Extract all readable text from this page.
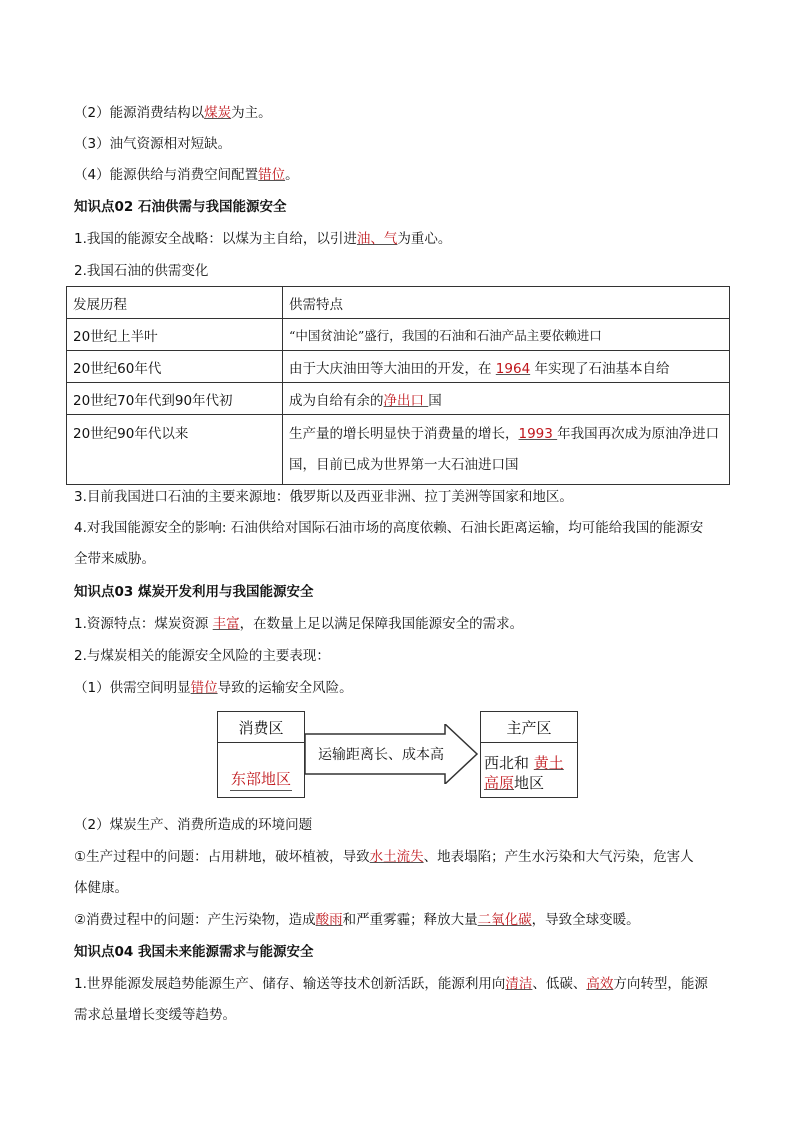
（2）能源消费结构以煤炭为主。
（3）油气资源相对短缺。
（4）能源供给与消费空间配置错位。
知识点02 石油供需与我国能源安全
1.我国的能源安全战略：以煤为主自给，以引进油、气为重心。
2.我国石油的供需变化
发展历程	供需特点
20世纪上半叶	“中国贫油论”盛行，我国的石油和石油产品主要依赖进口
20世纪60年代	由于大庆油田等大油田的开发，在 1964 年实现了石油基本自给
20世纪70年代到90年代初	成为自给有余的净出口 国
20世纪90年代以来	生产量的增长明显快于消费量的增长，1993 年我国再次成为原油净进口国，目前已成为世界第一大石油进口国
3.目前我国进口石油的主要来源地：俄罗斯以及西亚非洲、拉丁美洲等国家和地区。
4.对我国能源安全的影响: 石油供给对国际石油市场的高度依赖、石油长距离运输，均可能给我国的能源安
全带来威胁。
知识点03 煤炭开发利用与我国能源安全
1.资源特点：煤炭资源 丰富，在数量上足以满足保障我国能源安全的需求。
2.与煤炭相关的能源安全风险的主要表现：
（1）供需空间明显错位导致的运输安全风险。
消费区
东部地区
运输距离长、成本高
主产区
西北和 黄土
高原地区
（2）煤炭生产、消费所造成的环境问题
①生产过程中的问题：占用耕地，破坏植被，导致水土流失、地表塌陷；产生水污染和大气污染，危害人
体健康。
②消费过程中的问题：产生污染物，造成酸雨和严重雾霾；释放大量二氧化碳，导致全球变暖。
知识点04 我国未来能源需求与能源安全
1.世界能源发展趋势能源生产、储存、输送等技术创新活跃，能源利用向清洁、低碳、高效方向转型，能源
需求总量增长变缓等趋势。
